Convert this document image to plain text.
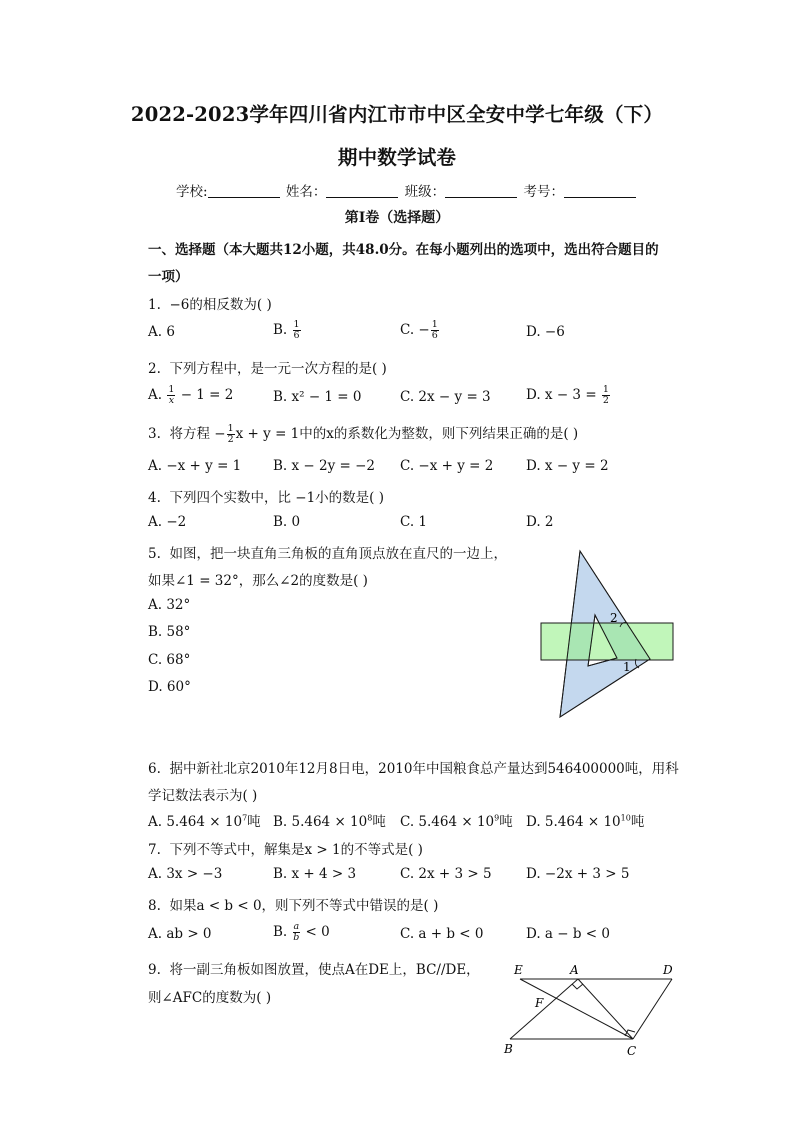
2022-2023学年四川省内江市市中区全安中学七年级（下）
期中数学试卷
学校:	姓名：	班级：	考号：
第I卷（选择题）
一、选择题（本大题共12小题，共48.0分。在每小题列出的选项中，选出符合题目的
一项）
1. −6的相反数为( )
A. 6	B. $\frac{1}{6}$	C. − $\frac{1}{6}$	D. −6
2. 下列方程中，是一元一次方程的是( )
A. $\frac{1}{x} - 1 = 2$	B. x² − 1 = 0	C. 2x − y = 3	D. $x - 3 = \frac{1}{2}$
3. 将方程 − $\frac{1}{2}$ x + y = 1中的x的系数化为整数，则下列结果正确的是( )
A. −x + y = 1 B. x − 2y = −2 C. −x + y = 2 D. x − y = 2
4. 下列四个实数中，比 −1小的数是( )
A. −2	B. 0	C. 1	D. 2
5. 如图，把一块直角三角板的直角顶点放在直尺的一边上，
如果∠1 = 32°，那么∠2的度数是( )
A. 32°
B. 58°
C. 68°
D. 60°
2
1
6. 据中新社北京2010年12月8日电，2010年中国粮食总产量达到546400000吨，用科
学记数法表示为( )
A. $5.464 \times 10^7$吨 B. $5.464 \times 10^8$吨 C. $5.464 \times 10^9$吨 D. $5.464 \times 10^{10}$吨
7. 下列不等式中，解集是x > 1的不等式是( )
A. 3x > −3	B. x + 4 > 3	C. 2x + 3 > 5	D. −2x + 3 > 5
8. 如果a < b < 0，则下列不等式中错误的是( )
A. ab > 0	B. $\frac{a}{b} < 0$	C. a + b < 0	D. a − b < 0
9. 将一副三角板如图放置，使点A在DE上，BC//DE，
则∠AFC的度数为( )
E	A	D
F
B	C
